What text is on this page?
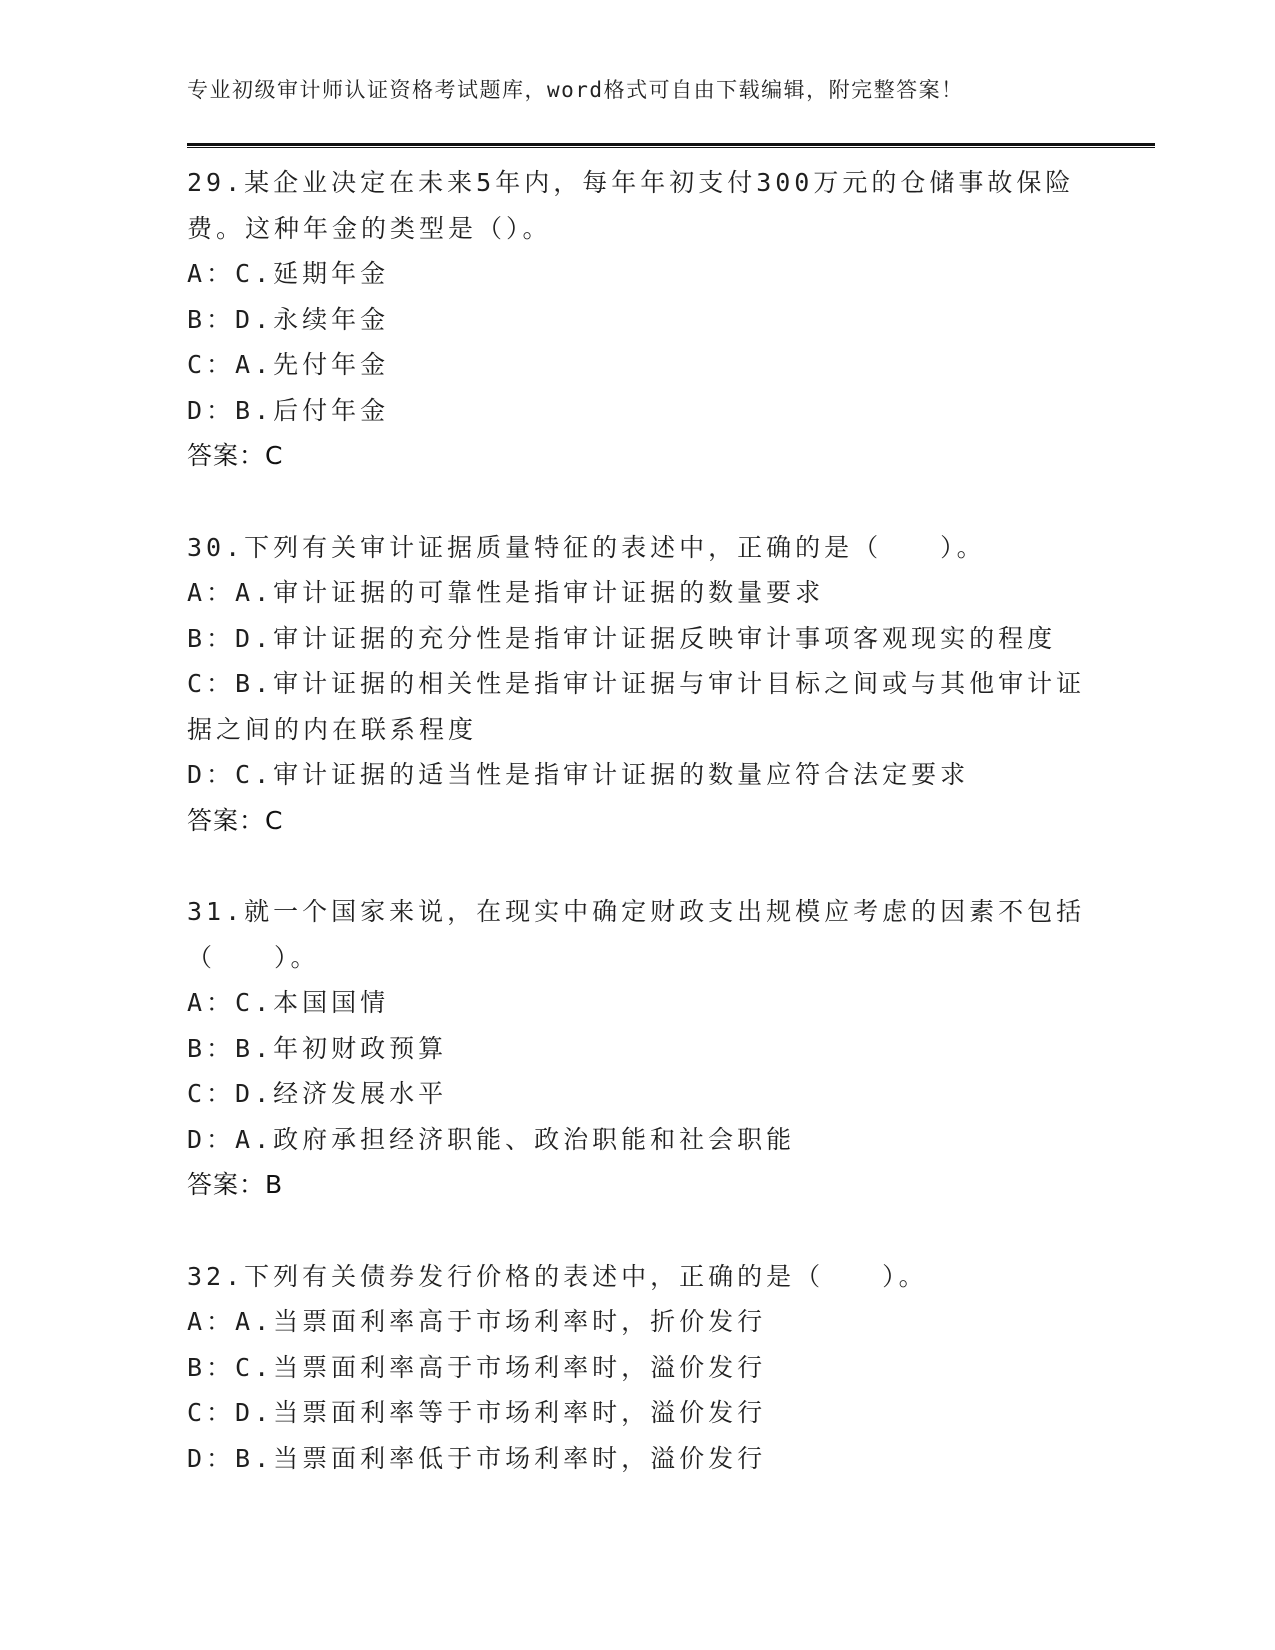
专业初级审计师认证资格考试题库，word格式可自由下载编辑，附完整答案！
29.某企业决定在未来5年内，每年年初支付300万元的仓储事故保险
费。这种年金的类型是（）。
A：C.延期年金
B：D.永续年金
C：A.先付年金
D：B.后付年金
答案：C
30.下列有关审计证据质量特征的表述中，正确的是（　　）。
A：A.审计证据的可靠性是指审计证据的数量要求
B：D.审计证据的充分性是指审计证据反映审计事项客观现实的程度
C：B.审计证据的相关性是指审计证据与审计目标之间或与其他审计证
据之间的内在联系程度
D：C.审计证据的适当性是指审计证据的数量应符合法定要求
答案：C
31.就一个国家来说，在现实中确定财政支出规模应考虑的因素不包括
（　　）。
A：C.本国国情
B：B.年初财政预算
C：D.经济发展水平
D：A.政府承担经济职能、政治职能和社会职能
答案：B
32.下列有关债券发行价格的表述中，正确的是（　　）。
A：A.当票面利率高于市场利率时，折价发行
B：C.当票面利率高于市场利率时，溢价发行
C：D.当票面利率等于市场利率时，溢价发行
D：B.当票面利率低于市场利率时，溢价发行
